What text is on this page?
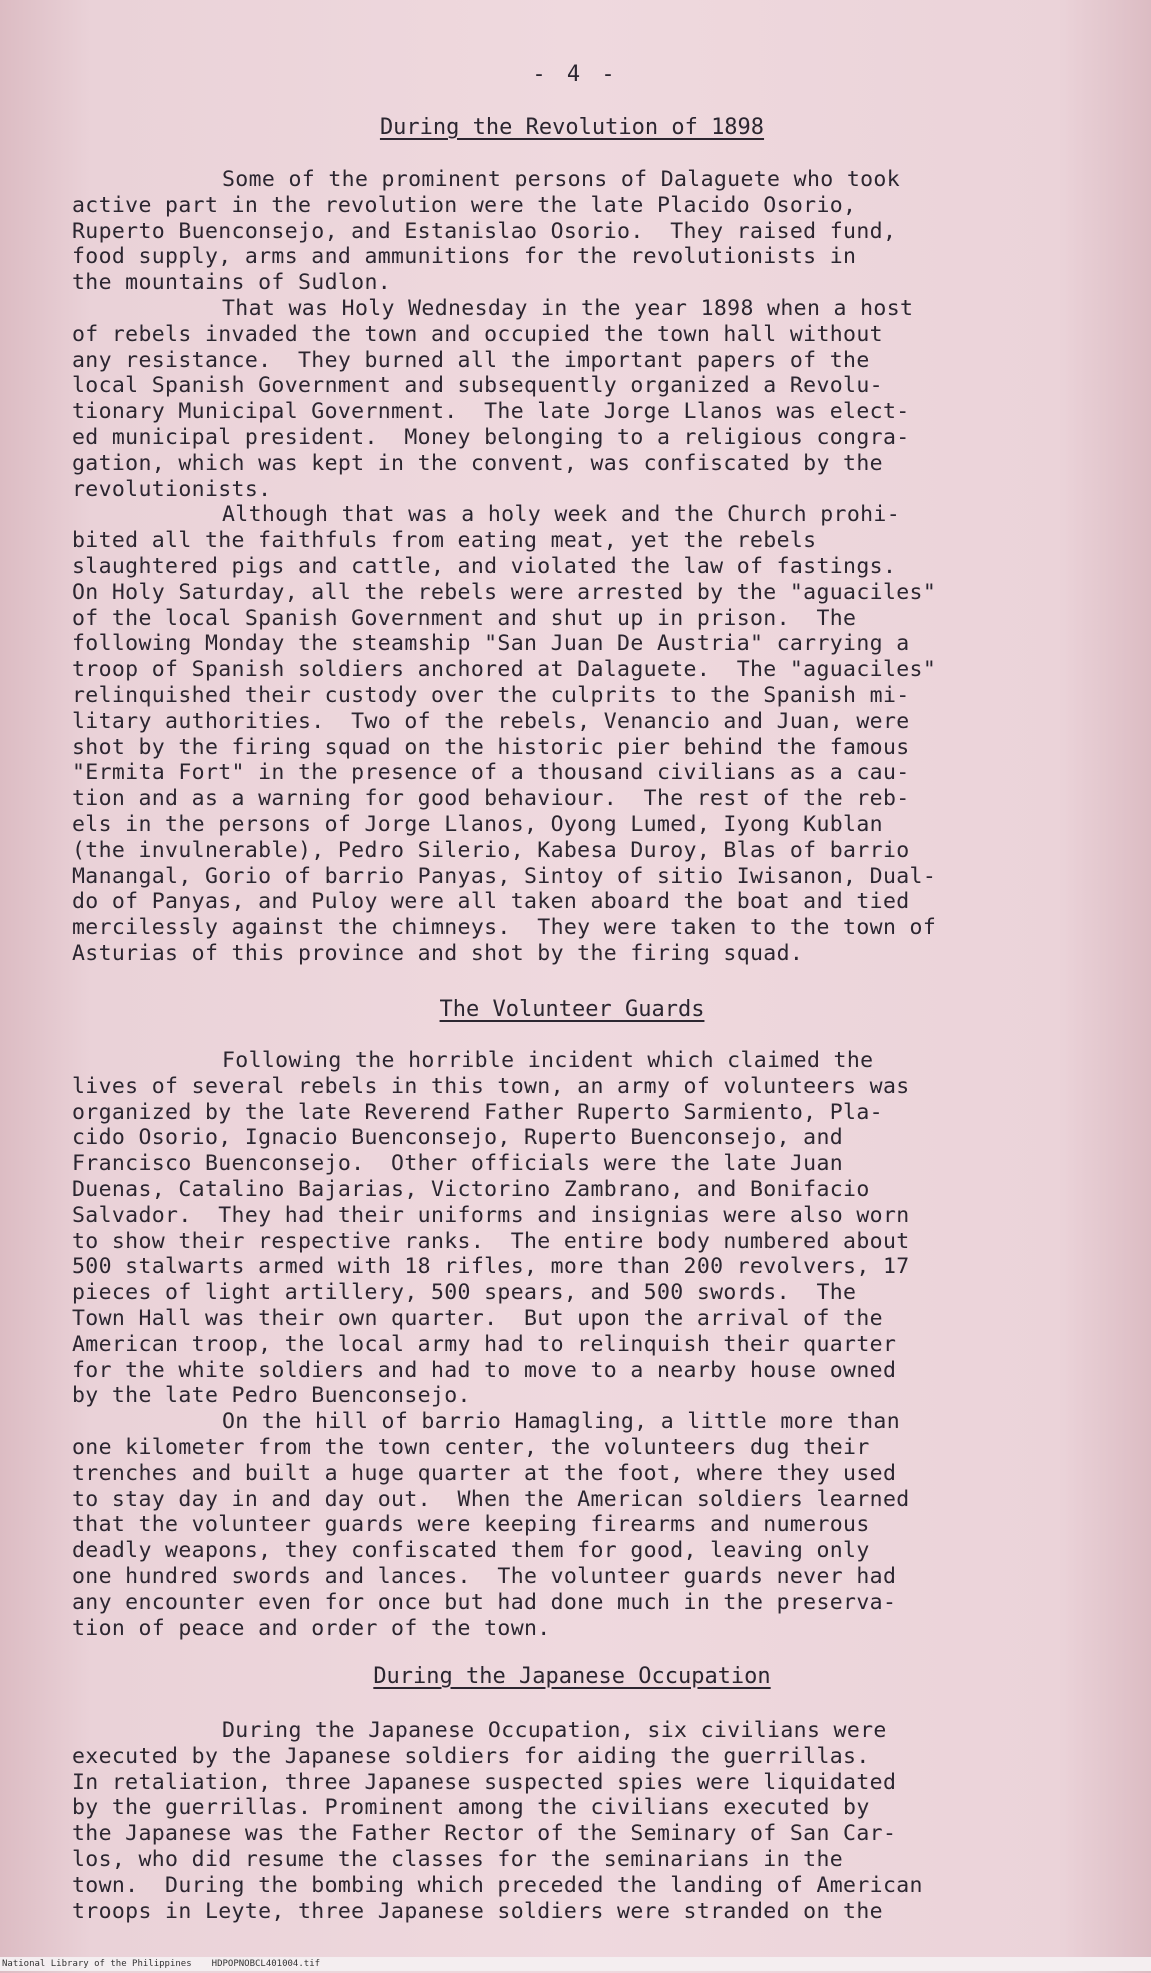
- 4 -
During the Revolution of 1898
Some of the prominent persons of Dalaguete who took
active part in the revolution were the late Placido Osorio,
Ruperto Buenconsejo, and Estanislao Osorio.  They raised fund,
food supply, arms and ammunitions for the revolutionists in
the mountains of Sudlon.
That was Holy Wednesday in the year 1898 when a host
of rebels invaded the town and occupied the town hall without
any resistance.  They burned all the important papers of the
local Spanish Government and subsequently organized a Revolu-
tionary Municipal Government.  The late Jorge Llanos was elect-
ed municipal president.  Money belonging to a religious congra-
gation, which was kept in the convent, was confiscated by the
revolutionists.
Although that was a holy week and the Church prohi-
bited all the faithfuls from eating meat, yet the rebels
slaughtered pigs and cattle, and violated the law of fastings.
On Holy Saturday, all the rebels were arrested by the "aguaciles"
of the local Spanish Government and shut up in prison.  The
following Monday the steamship "San Juan De Austria" carrying a
troop of Spanish soldiers anchored at Dalaguete.  The "aguaciles"
relinquished their custody over the culprits to the Spanish mi-
litary authorities.  Two of the rebels, Venancio and Juan, were
shot by the firing squad on the historic pier behind the famous
"Ermita Fort" in the presence of a thousand civilians as a cau-
tion and as a warning for good behaviour.  The rest of the reb-
els in the persons of Jorge Llanos, Oyong Lumed, Iyong Kublan
(the invulnerable), Pedro Silerio, Kabesa Duroy, Blas of barrio
Manangal, Gorio of barrio Panyas, Sintoy of sitio Iwisanon, Dual-
do of Panyas, and Puloy were all taken aboard the boat and tied
mercilessly against the chimneys.  They were taken to the town of
Asturias of this province and shot by the firing squad.
The Volunteer Guards
Following the horrible incident which claimed the
lives of several rebels in this town, an army of volunteers was
organized by the late Reverend Father Ruperto Sarmiento, Pla-
cido Osorio, Ignacio Buenconsejo, Ruperto Buenconsejo, and
Francisco Buenconsejo.  Other officials were the late Juan
Duenas, Catalino Bajarias, Victorino Zambrano, and Bonifacio
Salvador.  They had their uniforms and insignias were also worn
to show their respective ranks.  The entire body numbered about
500 stalwarts armed with 18 rifles, more than 200 revolvers, 17
pieces of light artillery, 500 spears, and 500 swords.  The
Town Hall was their own quarter.  But upon the arrival of the
American troop, the local army had to relinquish their quarter
for the white soldiers and had to move to a nearby house owned
by the late Pedro Buenconsejo.
On the hill of barrio Hamagling, a little more than
one kilometer from the town center, the volunteers dug their
trenches and built a huge quarter at the foot, where they used
to stay day in and day out.  When the American soldiers learned
that the volunteer guards were keeping firearms and numerous
deadly weapons, they confiscated them for good, leaving only
one hundred swords and lances.  The volunteer guards never had
any encounter even for once but had done much in the preserva-
tion of peace and order of the town.
During the Japanese Occupation
During the Japanese Occupation, six civilians were
executed by the Japanese soldiers for aiding the guerrillas.
In retaliation, three Japanese suspected spies were liquidated
by the guerrillas. Prominent among the civilians executed by
the Japanese was the Father Rector of the Seminary of San Car-
los, who did resume the classes for the seminarians in the
town.  During the bombing which preceded the landing of American
troops in Leyte, three Japanese soldiers were stranded on the
National Library of the Philippines HDPOPNOBCL401004.tif
